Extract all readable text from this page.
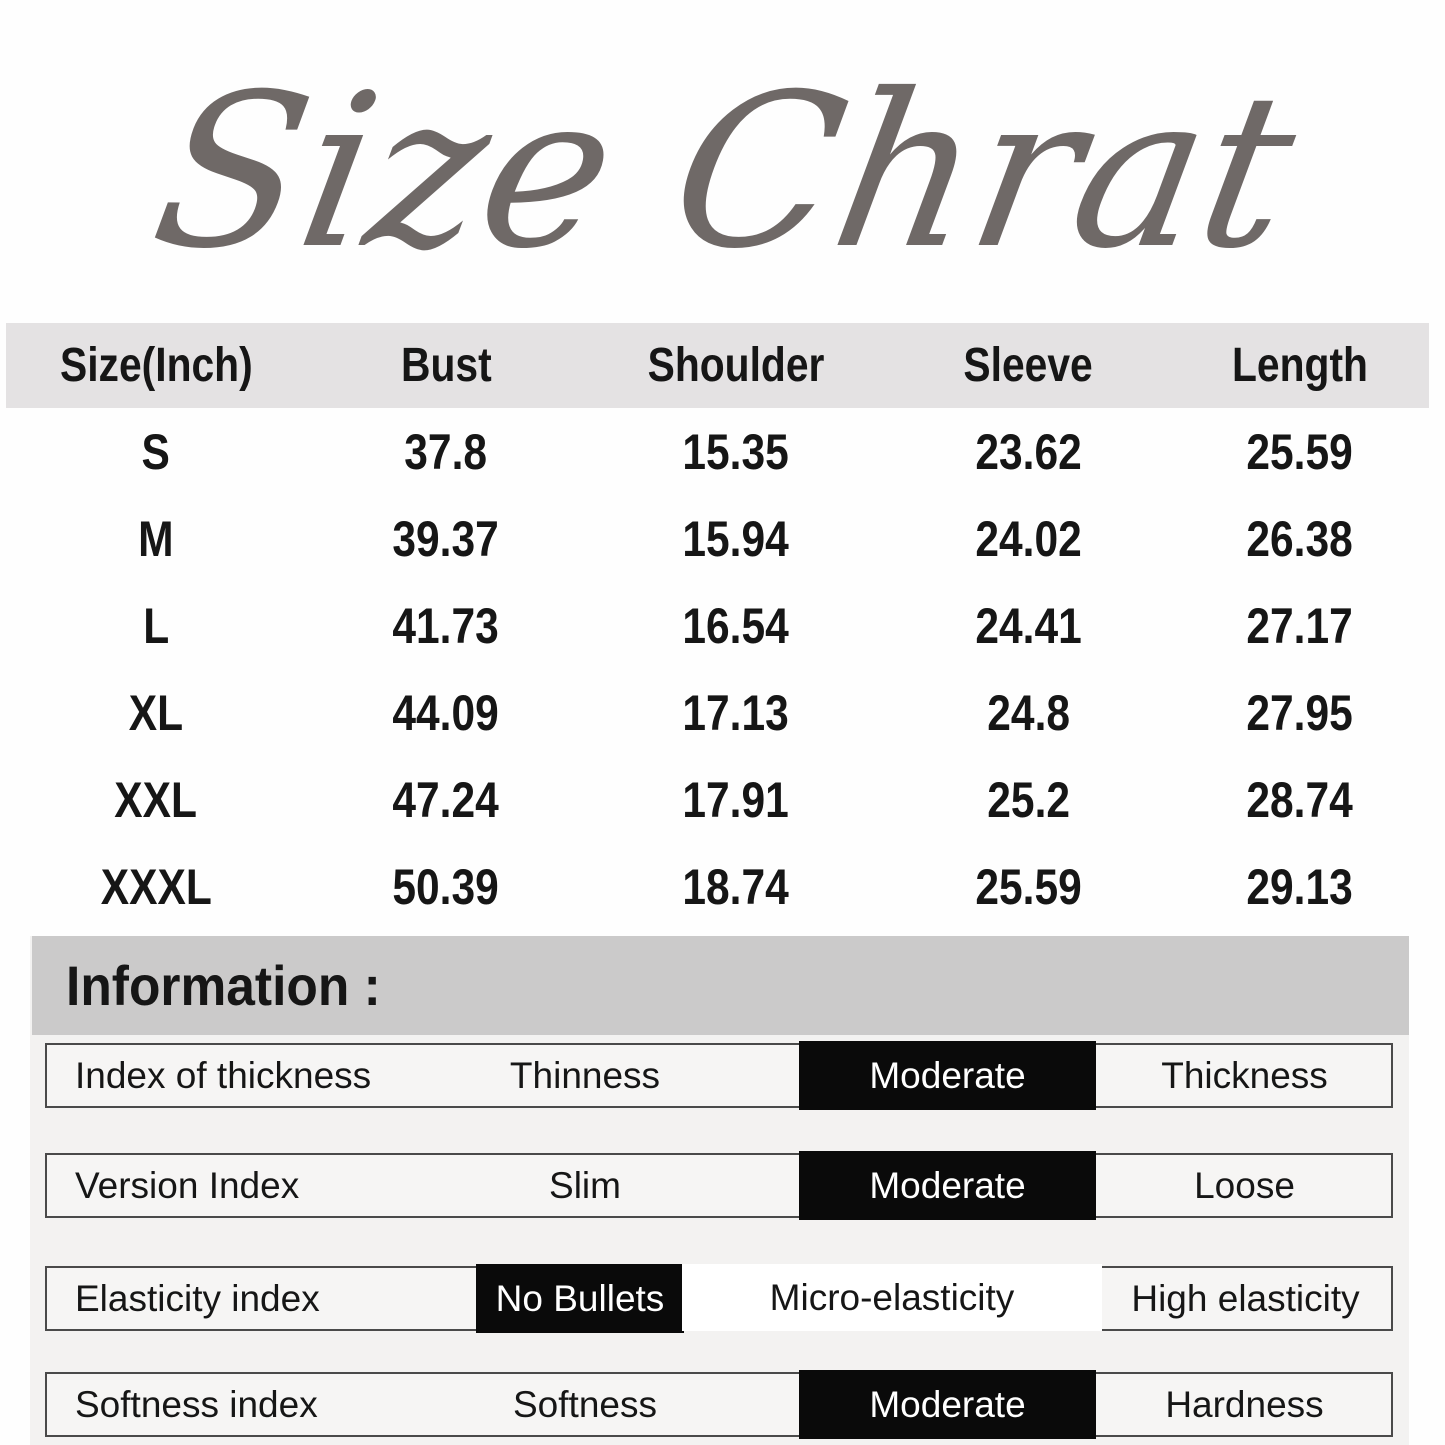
Size Chrat
Size(Inch)	Bust	Shoulder	Sleeve	Length
S	37.8	15.35	23.62	25.59
M	39.37	15.94	24.02	26.38
L	41.73	16.54	24.41	27.17
XL	44.09	17.13	24.8	27.95
XXL	47.24	17.91	25.2	28.74
XXXL	50.39	18.74	25.59	29.13
Information :
Index of thickness	Thinness	Moderate	Thickness
Version Index	Slim	Moderate	Loose
Elasticity index	No Bullets	Micro-elasticity	High elasticity
Softness index	Softness	Moderate	Hardness
